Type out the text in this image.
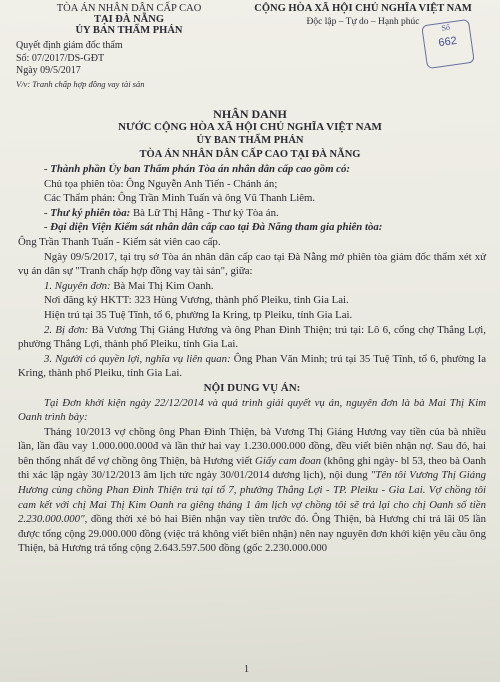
TÒA ÁN NHÂN DÂN CẤP CAO
TẠI ĐÀ NẴNG
ỦY BAN THẨM PHÁN
CỘNG HÒA XÃ HỘI CHỦ NGHĨA VIỆT NAM
Độc lập – Tự do – Hạnh phúc
Số
662
Quyết định giám đốc thẩm
Số: 07/2017/DS-GĐT
Ngày 09/5/2017
V/v: Tranh chấp hợp đồng vay tài sản
NHÂN DANH
NƯỚC CỘNG HÒA XÃ HỘI CHỦ NGHĨA VIỆT NAM
ỦY BAN THẨM PHÁN
TÒA ÁN NHÂN DÂN CẤP CAO TẠI ĐÀ NẴNG

- Thành phần Ủy ban Thẩm phán Tòa án nhân dân cấp cao gồm có:

Chủ tọa phiên tòa: Ông Nguyễn Anh Tiến - Chánh án;

Các Thẩm phán: Ông Trần Minh Tuấn và ông Vũ Thanh Liêm.

- Thư ký phiên tòa: Bà Lữ Thị Hằng - Thư ký Tòa án.

- Đại diện Viện Kiểm sát nhân dân cấp cao tại Đà Nẵng tham gia phiên tòa:

Ông Trần Thanh Tuấn - Kiểm sát viên cao cấp.

Ngày 09/5/2017, tại trụ sở Tòa án nhân dân cấp cao tại Đà Nẵng mở phiên tòa giám đốc thẩm xét xử vụ án dân sự "Tranh chấp hợp đồng vay tài sản", giữa:

1. Nguyên đơn: Bà Mai Thị Kim Oanh.

Nơi đăng ký HKTT: 323 Hùng Vương, thành phố Pleiku, tỉnh Gia Lai.

Hiện trú tại 35 Tuệ Tĩnh, tổ 6, phường Ia Kring, tp Pleiku, tỉnh Gia Lai.

2. Bị đơn: Bà Vương Thị Giáng Hương và ông Phan Đình Thiện; trú tại: Lô 6, cổng chợ Thắng Lợi, phường Thắng Lợi, thành phố Pleiku, tỉnh Gia Lai.

3. Người có quyền lợi, nghĩa vụ liên quan: Ông Phan Văn Minh; trú tại 35 Tuệ Tĩnh, tổ 6, phường Ia Kring, thành phố Pleiku, tỉnh Gia Lai.

NỘI DUNG VỤ ÁN:

Tại Đơn khởi kiện ngày 22/12/2014 và quá trình giải quyết vụ án, nguyên đơn là bà Mai Thị Kim Oanh trình bày:

Tháng 10/2013 vợ chồng ông Phan Đình Thiện, bà Vương Thị Giáng Hương vay tiền của bà nhiều lần, lần đầu vay 1.000.000.000đ và lần thứ hai vay 1.230.000.000 đồng, đều viết biên nhận nợ. Sau đó, hai bên thống nhất để vợ chồng ông Thiện, bà Hương viết Giấy cam đoan (không ghi ngày- bl 53, theo bà Oanh thì xác lập ngày 30/12/2013 âm lịch tức ngày 30/01/2014 dương lịch), nội dung "Tên tôi Vương Thị Giáng Hương cùng chồng Phan Đình Thiện trú tại tổ 7, phường Thắng Lợi - TP. Pleiku - Gia Lai. Vợ chồng tôi cam kết với chị Mai Thị Kim Oanh ra giêng tháng 1 âm lịch vợ chồng tôi sẽ trả lại cho chị Oanh số tiền 2.230.000.000", đồng thời xé bỏ hai Biên nhận vay tiền trước đó. Ông Thiện, bà Hương chỉ trả lãi 05 lần được tổng cộng 29.000.000 đồng (việc trả không viết biên nhận) nên nay nguyên đơn khởi kiện yêu cầu ông Thiện, bà Hương trả tổng cộng 2.643.597.500 đồng (gốc 2.230.000.000

1
